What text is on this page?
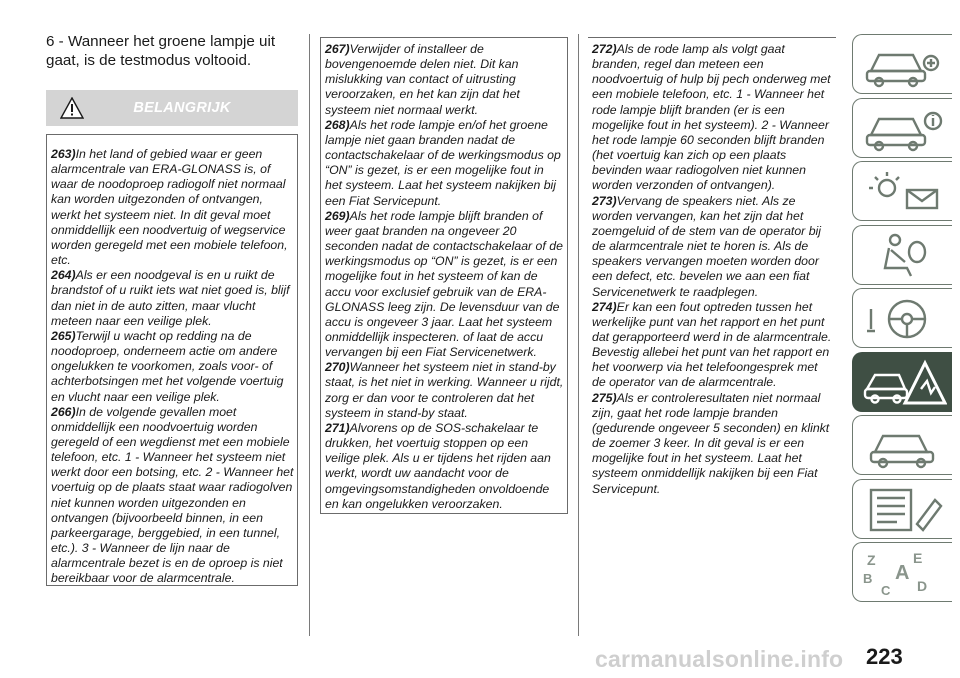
6 - Wanneer het groene lampje uit gaat, is de testmodus voltooid.
BELANGRIJK

263)In het land of gebied waar er geen alarmcentrale van ERA-GLONASS is, of waar de noodoproep radiogolf niet normaal kan worden uitgezonden of ontvangen, werkt het systeem niet. In dit geval moet onmiddellijk een noodvertuig of wegservice worden geregeld met een mobiele telefoon, etc.

264)Als er een noodgeval is en u ruikt de brandstof of u ruikt iets wat niet goed is, blijf dan niet in de auto zitten, maar vlucht meteen naar een veilige plek.

265)Terwijl u wacht op redding na de noodoproep, onderneem actie om andere ongelukken te voorkomen, zoals voor- of achterbotsingen met het volgende voertuig en vlucht naar een veilige plek.

266)In de volgende gevallen moet onmiddellijk een noodvoertuig worden geregeld of een wegdienst met een mobiele telefoon, etc. 1 - Wanneer het systeem niet werkt door een botsing, etc. 2 - Wanneer het voertuig op de plaats staat waar radiogolven niet kunnen worden uitgezonden en ontvangen (bijvoorbeeld binnen, in een parkeergarage, berggebied, in een tunnel, etc.). 3 - Wanneer de lijn naar de alarmcentrale bezet is en de oproep is niet bereikbaar voor de alarmcentrale.

267)Verwijder of installeer de bovengenoemde delen niet. Dit kan mislukking van contact of uitrusting veroorzaken, en het kan zijn dat het systeem niet normaal werkt.

268)Als het rode lampje en/of het groene lampje niet gaan branden nadat de contactschakelaar of de werkingsmodus op “ON” is gezet, is er een mogelijke fout in het systeem. Laat het systeem nakijken bij een Fiat Servicepunt.

269)Als het rode lampje blijft branden of weer gaat branden na ongeveer 20 seconden nadat de contactschakelaar of de werkingsmodus op “ON” is gezet, is er een mogelijke fout in het systeem of kan de accu voor exclusief gebruik van de ERA-GLONASS leeg zijn. De levensduur van de accu is ongeveer 3 jaar. Laat het systeem onmiddellijk inspecteren. of laat de accu vervangen bij een Fiat Servicenetwerk.

270)Wanneer het systeem niet in stand-by staat, is het niet in werking. Wanneer u rijdt, zorg er dan voor te controleren dat het systeem in stand-by staat.

271)Alvorens op de SOS-schakelaar te drukken, het voertuig stoppen op een veilige plek. Als u er tijdens het rijden aan werkt, wordt uw aandacht voor de omgevingsomstandigheden onvoldoende en kan ongelukken veroorzaken.

272)Als de rode lamp als volgt gaat branden, regel dan meteen een noodvoertuig of hulp bij pech onderweg met een mobiele telefoon, etc. 1 - Wanneer het rode lampje blijft branden (er is een mogelijke fout in het systeem). 2 - Wanneer het rode lampje 60 seconden blijft branden (het voertuig kan zich op een plaats bevinden waar radiogolven niet kunnen worden verzonden of ontvangen).

273)Vervang de speakers niet. Als ze worden vervangen, kan het zijn dat het zoemgeluid of de stem van de operator bij de alarmcentrale niet te horen is. Als de speakers vervangen moeten worden door een defect, etc. bevelen we aan een fiat Servicenetwerk te raadplegen.

274)Er kan een fout optreden tussen het werkelijke punt van het rapport en het punt dat gerapporteerd werd in de alarmcentrale. Bevestig allebei het punt van het rapport en het voorwerp via het telefoongesprek met de operator van de alarmcentrale.

275)Als er controleresultaten niet normaal zijn, gaat het rode lampje branden (gedurende ongeveer 5 seconden) en klinkt de zoemer 3 keer. In dit geval is er een mogelijke fout in het systeem. Laat het systeem onmiddellijk nakijken bij een Fiat Servicepunt.

Z	E
B A
C D
carmanualsonline.info 223
